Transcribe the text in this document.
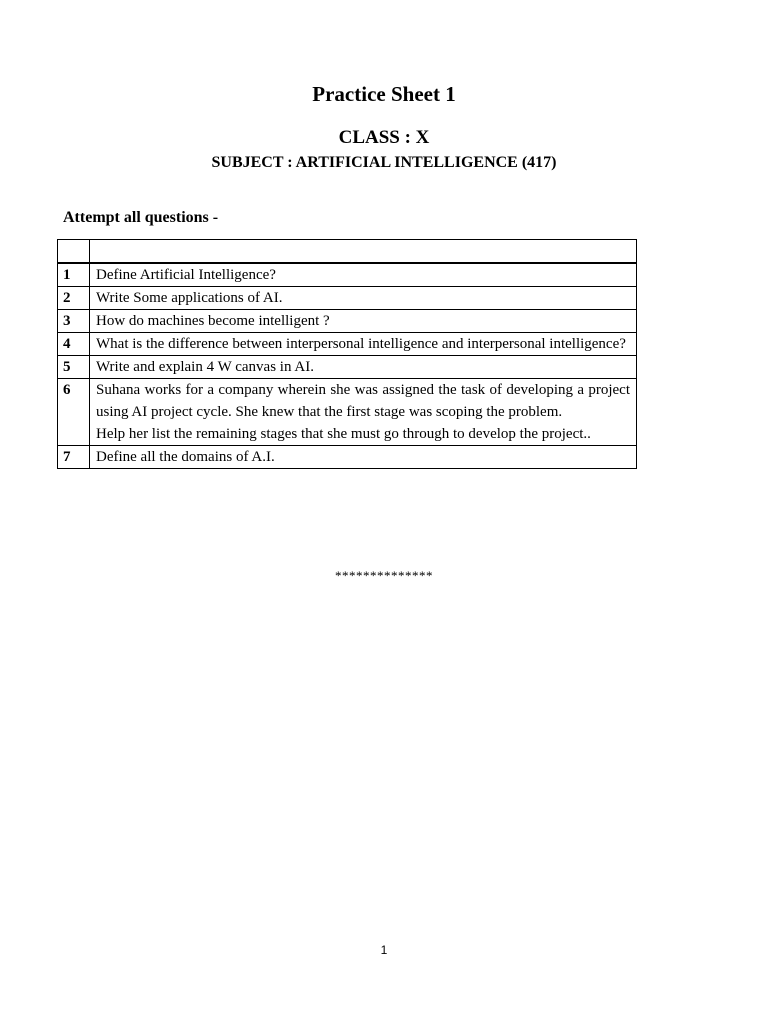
Practice Sheet 1
CLASS : X
SUBJECT : ARTIFICIAL INTELLIGENCE (417)
Attempt all questions -

1	Define Artificial Intelligence?

2	Write Some applications of AI.

3	How do machines become intelligent ?

4	What is the difference between interpersonal intelligence and interpersonal intelligence?

5	Write and explain 4 W canvas in AI.

6	Suhana works for a company wherein she was assigned the task of developing a project using AI project cycle. She knew that the first stage was scoping the problem.
Help her list the remaining stages that she must go through to develop the project..

7	Define all the domains of A.I.
**************
1
